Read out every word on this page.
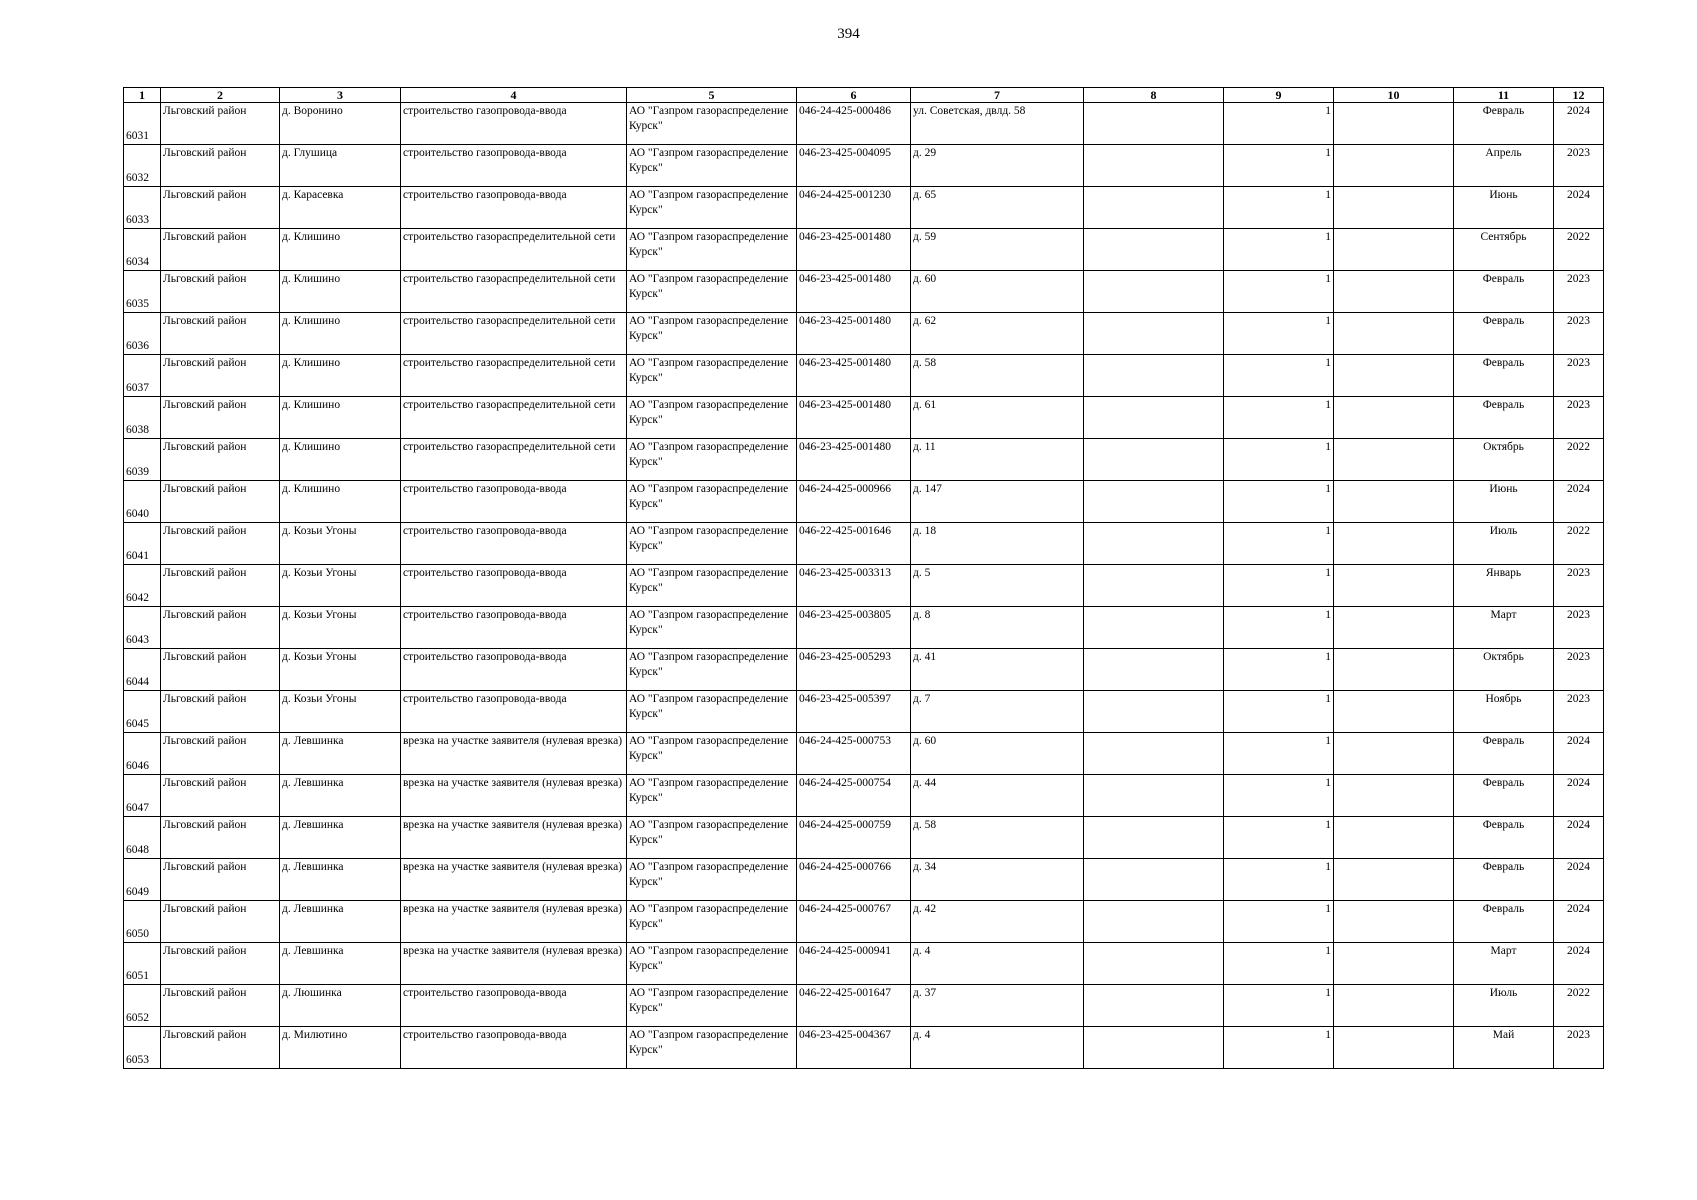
394
1	2	3	4	5	6	7	8	9	10	11	12
6031	Льговский район	д. Воронино	строительство газопровода-ввода	АО "Газпром газораспределение Курск"	046-24-425-000486	ул. Советская, двлд. 58		1		Февраль	2024
6032	Льговский район	д. Глушица	строительство газопровода-ввода	АО "Газпром газораспределение Курск"	046-23-425-004095	д. 29		1		Апрель	2023
6033	Льговский район	д. Карасевка	строительство газопровода-ввода	АО "Газпром газораспределение Курск"	046-24-425-001230	д. 65		1		Июнь	2024
6034	Льговский район	д. Клишино	строительство газораспределительной сети	АО "Газпром газораспределение Курск"	046-23-425-001480	д. 59		1		Сентябрь	2022
6035	Льговский район	д. Клишино	строительство газораспределительной сети	АО "Газпром газораспределение Курск"	046-23-425-001480	д. 60		1		Февраль	2023
6036	Льговский район	д. Клишино	строительство газораспределительной сети	АО "Газпром газораспределение Курск"	046-23-425-001480	д. 62		1		Февраль	2023
6037	Льговский район	д. Клишино	строительство газораспределительной сети	АО "Газпром газораспределение Курск"	046-23-425-001480	д. 58		1		Февраль	2023
6038	Льговский район	д. Клишино	строительство газораспределительной сети	АО "Газпром газораспределение Курск"	046-23-425-001480	д. 61		1		Февраль	2023
6039	Льговский район	д. Клишино	строительство газораспределительной сети	АО "Газпром газораспределение Курск"	046-23-425-001480	д. 11		1		Октябрь	2022
6040	Льговский район	д. Клишино	строительство газопровода-ввода	АО "Газпром газораспределение Курск"	046-24-425-000966	д. 147		1		Июнь	2024
6041	Льговский район	д. Козьи Угоны	строительство газопровода-ввода	АО "Газпром газораспределение Курск"	046-22-425-001646	д. 18		1		Июль	2022
6042	Льговский район	д. Козьи Угоны	строительство газопровода-ввода	АО "Газпром газораспределение Курск"	046-23-425-003313	д. 5		1		Январь	2023
6043	Льговский район	д. Козьи Угоны	строительство газопровода-ввода	АО "Газпром газораспределение Курск"	046-23-425-003805	д. 8		1		Март	2023
6044	Льговский район	д. Козьи Угоны	строительство газопровода-ввода	АО "Газпром газораспределение Курск"	046-23-425-005293	д. 41		1		Октябрь	2023
6045	Льговский район	д. Козьи Угоны	строительство газопровода-ввода	АО "Газпром газораспределение Курск"	046-23-425-005397	д. 7		1		Ноябрь	2023
6046	Льговский район	д. Левшинка	врезка на участке заявителя (нулевая врезка)	АО "Газпром газораспределение Курск"	046-24-425-000753	д. 60		1		Февраль	2024
6047	Льговский район	д. Левшинка	врезка на участке заявителя (нулевая врезка)	АО "Газпром газораспределение Курск"	046-24-425-000754	д. 44		1		Февраль	2024
6048	Льговский район	д. Левшинка	врезка на участке заявителя (нулевая врезка)	АО "Газпром газораспределение Курск"	046-24-425-000759	д. 58		1		Февраль	2024
6049	Льговский район	д. Левшинка	врезка на участке заявителя (нулевая врезка)	АО "Газпром газораспределение Курск"	046-24-425-000766	д. 34		1		Февраль	2024
6050	Льговский район	д. Левшинка	врезка на участке заявителя (нулевая врезка)	АО "Газпром газораспределение Курск"	046-24-425-000767	д. 42		1		Февраль	2024
6051	Льговский район	д. Левшинка	врезка на участке заявителя (нулевая врезка)	АО "Газпром газораспределение Курск"	046-24-425-000941	д. 4		1		Март	2024
6052	Льговский район	д. Люшинка	строительство газопровода-ввода	АО "Газпром газораспределение Курск"	046-22-425-001647	д. 37		1		Июль	2022
6053	Льговский район	д. Милютино	строительство газопровода-ввода	АО "Газпром газораспределение Курск"	046-23-425-004367	д. 4		1		Май	2023
